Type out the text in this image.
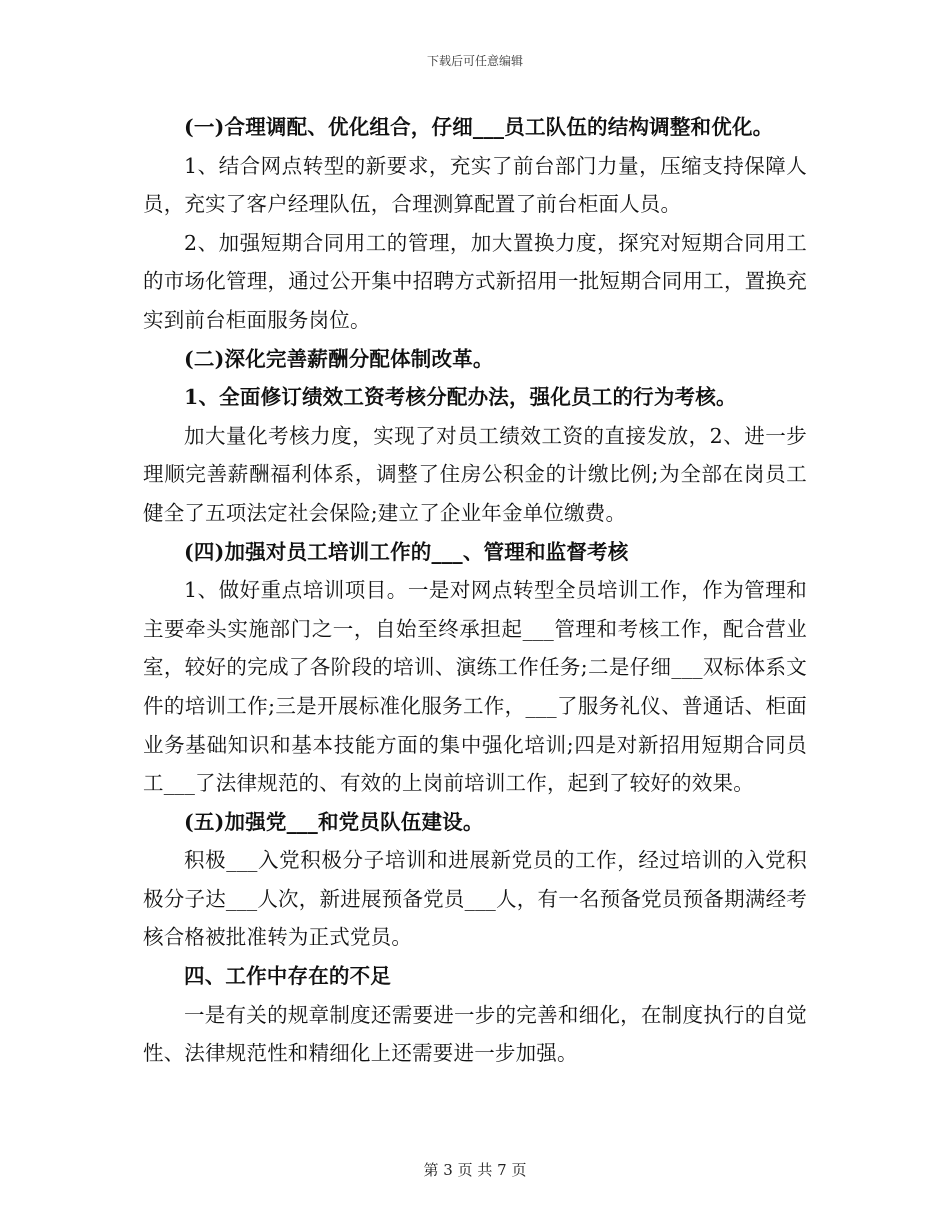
下载后可任意编辑

(一)合理调配、优化组合，仔细___员工队伍的结构调整和优化。

1、结合网点转型的新要求，充实了前台部门力量，压缩支持保障人员，充实了客户经理队伍，合理测算配置了前台柜面人员。

2、加强短期合同用工的管理，加大置换力度，探究对短期合同用工的市场化管理，通过公开集中招聘方式新招用一批短期合同用工，置换充实到前台柜面服务岗位。

(二)深化完善薪酬分配体制改革。

1、全面修订绩效工资考核分配办法，强化员工的行为考核。

加大量化考核力度，实现了对员工绩效工资的直接发放，2、进一步理顺完善薪酬福利体系，调整了住房公积金的计缴比例;为全部在岗员工健全了五项法定社会保险;建立了企业年金单位缴费。

(四)加强对员工培训工作的___、管理和监督考核

1、做好重点培训项目。一是对网点转型全员培训工作，作为管理和主要牵头实施部门之一，自始至终承担起___管理和考核工作，配合营业室，较好的完成了各阶段的培训、演练工作任务;二是仔细___双标体系文件的培训工作;三是开展标准化服务工作，___了服务礼仪、普通话、柜面业务基础知识和基本技能方面的集中强化培训;四是对新招用短期合同员工___了法律规范的、有效的上岗前培训工作，起到了较好的效果。

(五)加强党___和党员队伍建设。

积极___入党积极分子培训和进展新党员的工作，经过培训的入党积极分子达___人次，新进展预备党员___人，有一名预备党员预备期满经考核合格被批准转为正式党员。

四、工作中存在的不足

一是有关的规章制度还需要进一步的完善和细化，在制度执行的自觉性、法律规范性和精细化上还需要进一步加强。

第 3 页 共 7 页
